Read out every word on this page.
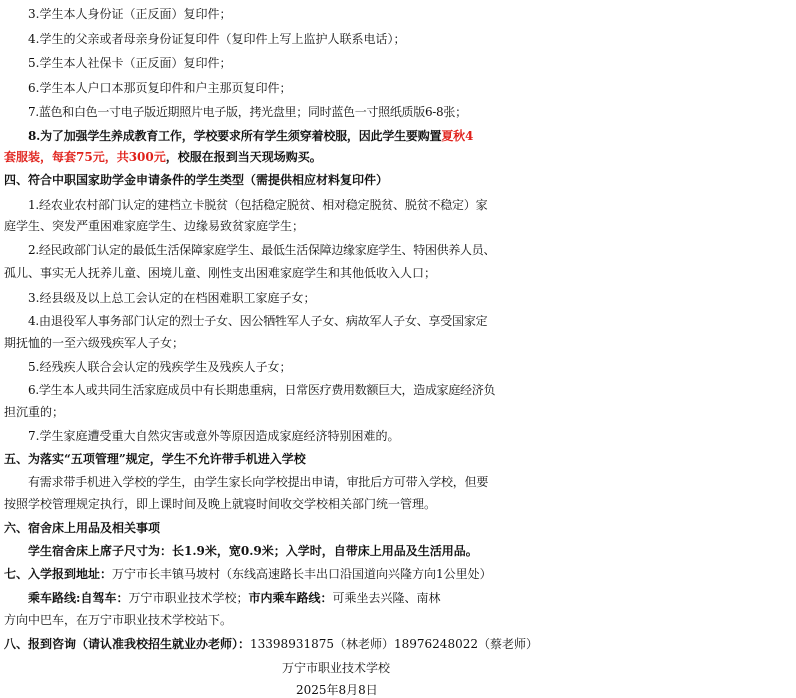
3.学生本人身份证（正反面）复印件；
4.学生的父亲或者母亲身份证复印件（复印件上写上监护人联系电话）；
5.学生本人社保卡（正反面）复印件；
6.学生本人户口本那页复印件和户主那页复印件；
7.蓝色和白色一寸电子版近期照片电子版，拷光盘里；同时蓝色一寸照纸质版6-8张；
8.为了加强学生养成教育工作，学校要求所有学生须穿着校服，因此学生要购置夏秋4
套服装，每套75元，共300元，校服在报到当天现场购买。
四、符合中职国家助学金申请条件的学生类型（需提供相应材料复印件）
1.经农业农村部门认定的建档立卡脱贫（包括稳定脱贫、相对稳定脱贫、脱贫不稳定）家
庭学生、突发严重困难家庭学生、边缘易致贫家庭学生；
2.经民政部门认定的最低生活保障家庭学生、最低生活保障边缘家庭学生、特困供养人员、
孤儿、事实无人抚养儿童、困境儿童、刚性支出困难家庭学生和其他低收入人口；
3.经县级及以上总工会认定的在档困难职工家庭子女；
4.由退役军人事务部门认定的烈士子女、因公牺牲军人子女、病故军人子女、享受国家定
期抚恤的一至六级残疾军人子女；
5.经残疾人联合会认定的残疾学生及残疾人子女；
6.学生本人或共同生活家庭成员中有长期患重病，日常医疗费用数额巨大，造成家庭经济负
担沉重的；
7.学生家庭遭受重大自然灾害或意外等原因造成家庭经济特别困难的。
五、为落实“五项管理”规定，学生不允许带手机进入学校
有需求带手机进入学校的学生，由学生家长向学校提出申请，审批后方可带入学校，但要
按照学校管理规定执行，即上课时间及晚上就寝时间收交学校相关部门统一管理。
六、宿舍床上用品及相关事项
学生宿舍床上席子尺寸为：长1.9米，宽0.9米；入学时，自带床上用品及生活用品。
七、入学报到地址：万宁市长丰镇马坡村（东线高速路长丰出口沿国道向兴隆方向1公里处）
乘车路线:自驾车：万宁市职业技术学校；市内乘车路线：可乘坐去兴隆、南林
方向中巴车，在万宁市职业技术学校站下。
八、报到咨询（请认准我校招生就业办老师）：13398931875（林老师）18976248022（蔡老师）
万宁市职业技术学校
2025年8月8日
